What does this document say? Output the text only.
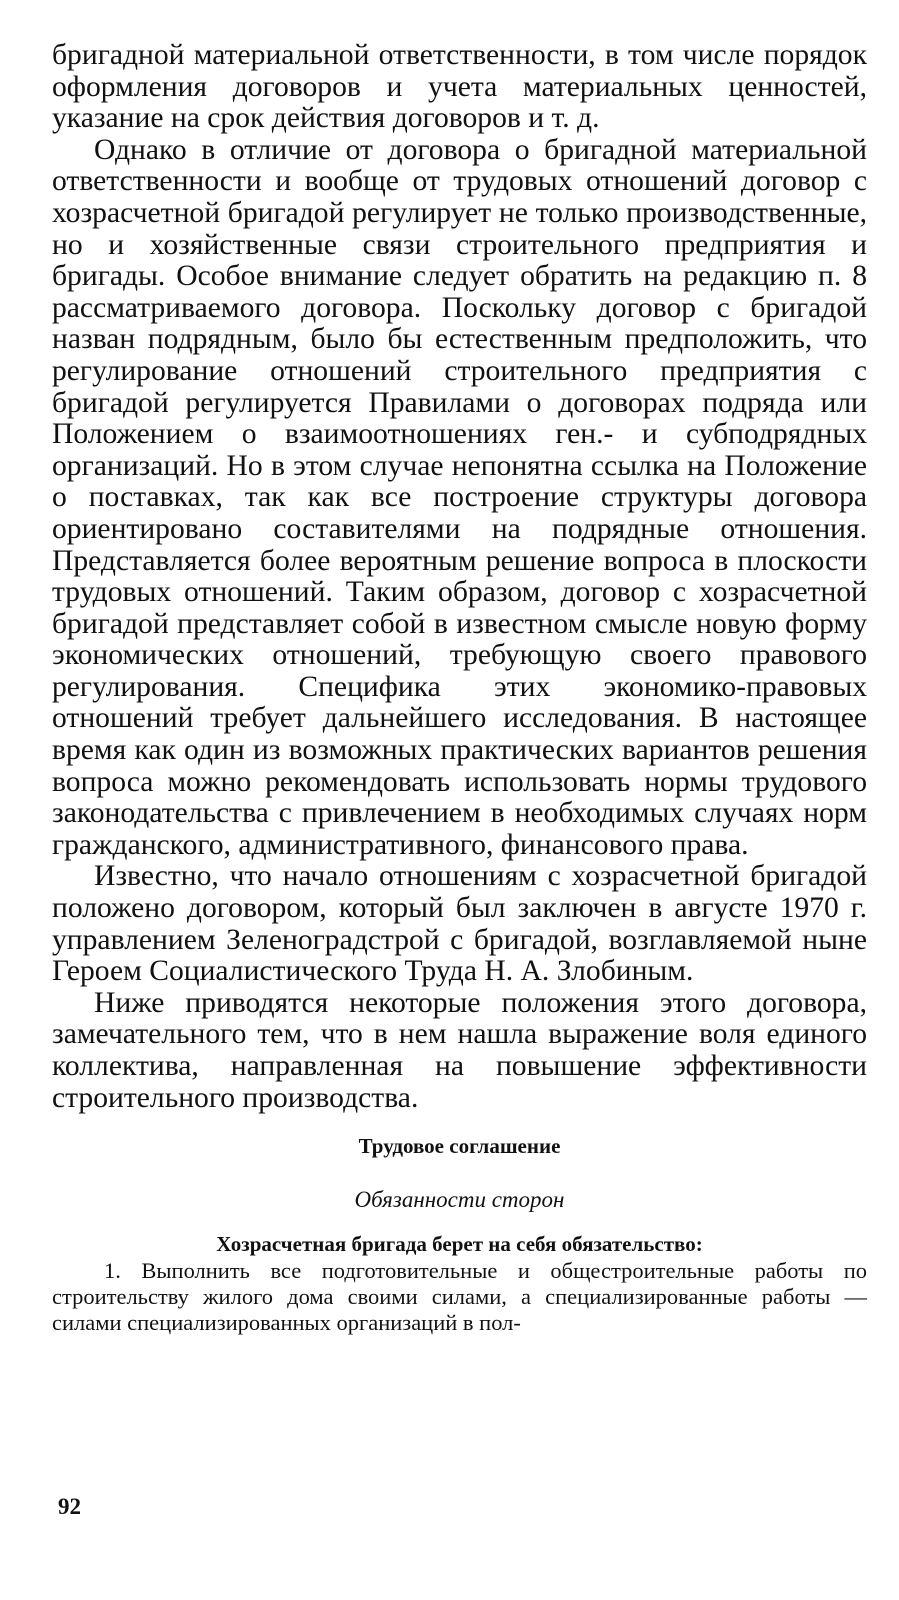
бригадной материальной ответственности, в том числе порядок оформления договоров и учета материальных ценностей, указание на срок действия договоров и т. д.

Однако в отличие от договора о бригадной материальной ответственности и вообще от трудовых отношений договор с хозрасчетной бригадой регулирует не только производственные, но и хозяйственные связи строительного предприятия и бригады. Особое внимание следует обратить на редакцию п. 8 рассматриваемого договора. Поскольку договор с бригадой назван подрядным, было бы естественным предположить, что регулирование отношений строительного предприятия с бригадой регулируется Правилами о договорах подряда или Положением о взаимоотношениях ген.- и субподрядных организаций. Но в этом случае непонятна ссылка на Положение о поставках, так как все построение структуры договора ориентировано составителями на подрядные отношения. Представляется более вероятным решение вопроса в плоскости трудовых отношений. Таким образом, договор с хозрасчетной бригадой представляет собой в известном смысле новую форму экономических отношений, требующую своего правового регулирования. Специфика этих экономико-правовых отношений требует дальнейшего исследования. В настоящее время как один из возможных практических вариантов решения вопроса можно рекомендовать использовать нормы трудового законодательства с привлечением в необходимых случаях норм гражданского, административного, финансового права.

Известно, что начало отношениям с хозрасчетной бригадой положено договором, который был заключен в августе 1970 г. управлением Зеленоградстрой с бригадой, возглавляемой ныне Героем Социалистического Труда Н. А. Злобиным.

Ниже приводятся некоторые положения этого договора, замечательного тем, что в нем нашла выражение воля единого коллектива, направленная на повышение эффективности строительного производства.

Трудовое соглашение

Обязанности сторон

Хозрасчетная бригада берет на себя обязательство:

1. Выполнить все подготовительные и общестроительные работы по строительству жилого дома своими силами, а специализированные работы — силами специализированных организаций в пол-

92
